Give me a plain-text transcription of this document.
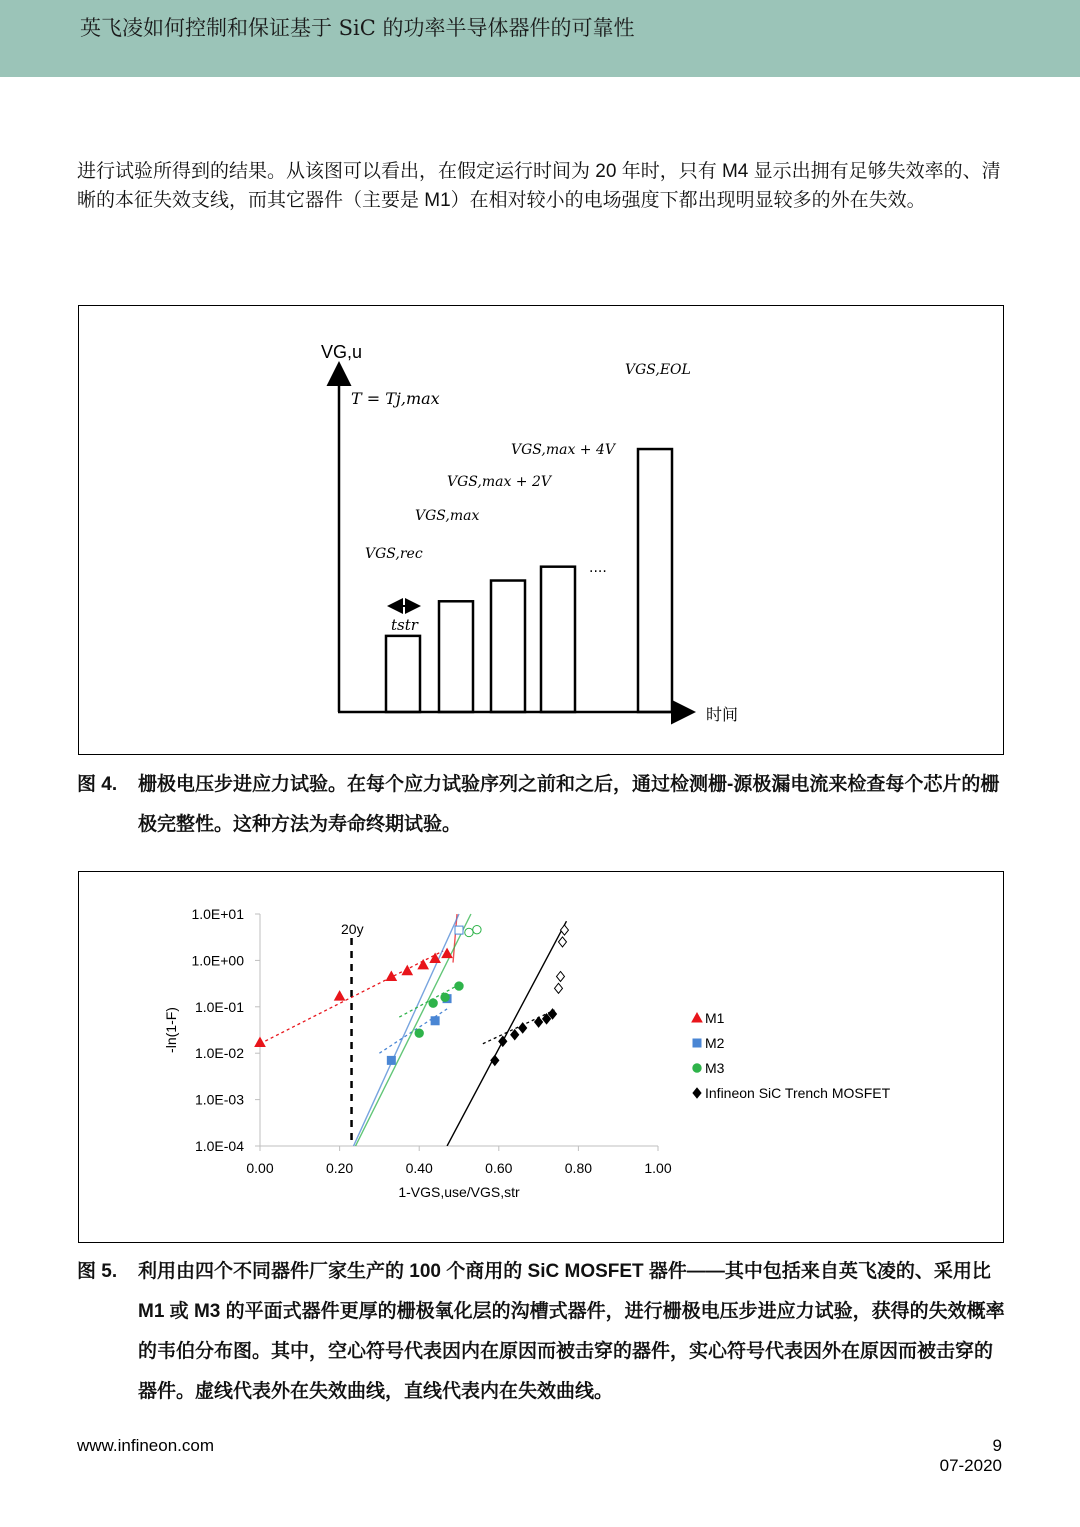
英飞凌如何控制和保证基于 SiC 的功率半导体器件的可靠性
进行试验所得到的结果。从该图可以看出，在假定运行时间为 20 年时，只有 M4 显示出拥有足够失效率的、清晰的本征失效支线，而其它器件（主要是 M1）在相对较小的电场强度下都出现明显较多的外在失效。
VG,u
时间
T = Tj,max
VGS,rec
VGS,max
VGS,max + 2V
VGS,max + 4V
VGS,EOL
....
tstr
图 4. 栅极电压步进应力试验。在每个应力试验序列之前和之后，通过检测栅-源极漏电流来检查每个芯片的栅极完整性。这种方法为寿命终期试验。
1.0E+01
1.0E+00
1.0E-01
1.0E-02
1.0E-03
1.0E-04
0.00	0.20	0.40	0.60	0.80	1.00
M1
M2
M3
Infineon SiC Trench MOSFET
1-VGS,use/VGS,str
-ln(1-F)
20y
图 5. 利用由四个不同器件厂家生产的 100 个商用的 SiC MOSFET 器件——其中包括来自英飞凌的、采用比 M1 或 M3 的平面式器件更厚的栅极氧化层的沟槽式器件，进行栅极电压步进应力试验，获得的失效概率的韦伯分布图。其中，空心符号代表因内在原因而被击穿的器件，实心符号代表因外在原因而被击穿的器件。虚线代表外在失效曲线，直线代表内在失效曲线。
www.infineon.com	9
07-2020
